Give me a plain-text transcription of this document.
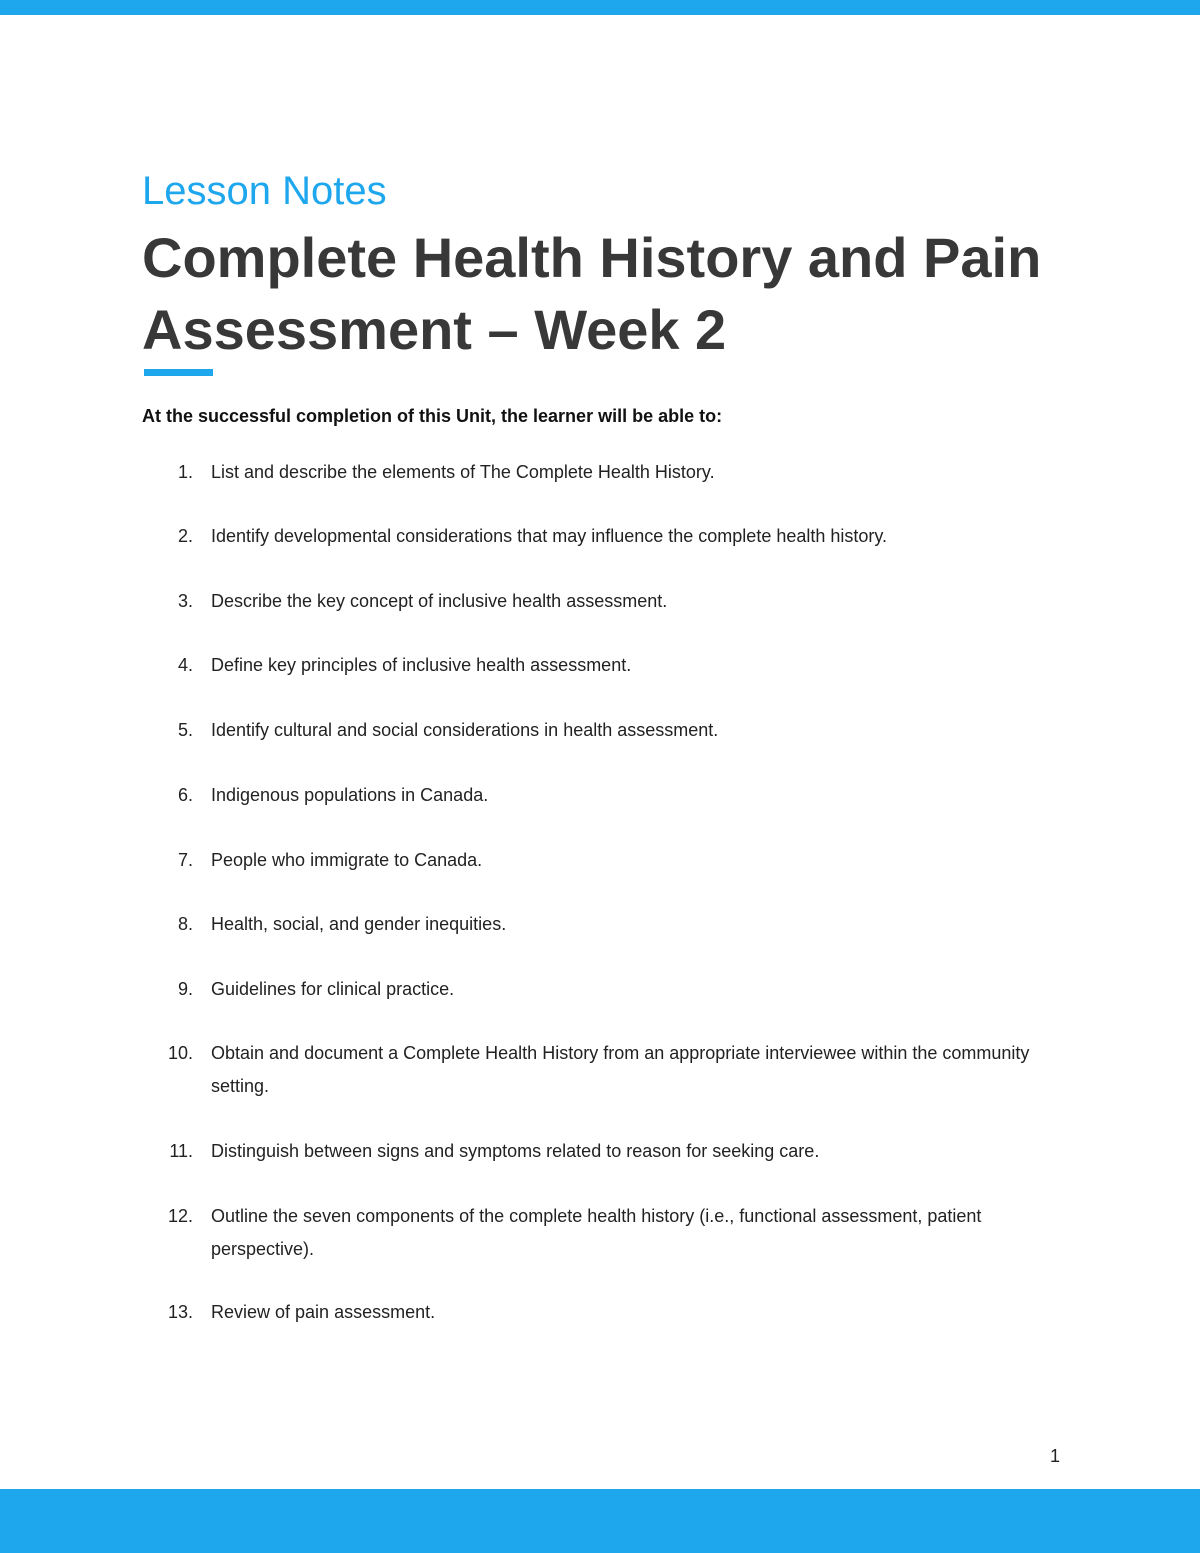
Lesson Notes
Complete Health History and Pain Assessment – Week 2
At the successful completion of this Unit, the learner will be able to:
1. List and describe the elements of The Complete Health History.
2. Identify developmental considerations that may influence the complete health history.
3. Describe the key concept of inclusive health assessment.
4. Define key principles of inclusive health assessment.
5. Identify cultural and social considerations in health assessment.
6. Indigenous populations in Canada.
7. People who immigrate to Canada.
8. Health, social, and gender inequities.
9. Guidelines for clinical practice.
10. Obtain and document a Complete Health History from an appropriate interviewee within the community setting.
11. Distinguish between signs and symptoms related to reason for seeking care.
12. Outline the seven components of the complete health history (i.e., functional assessment, patient perspective).
13. Review of pain assessment.
1
